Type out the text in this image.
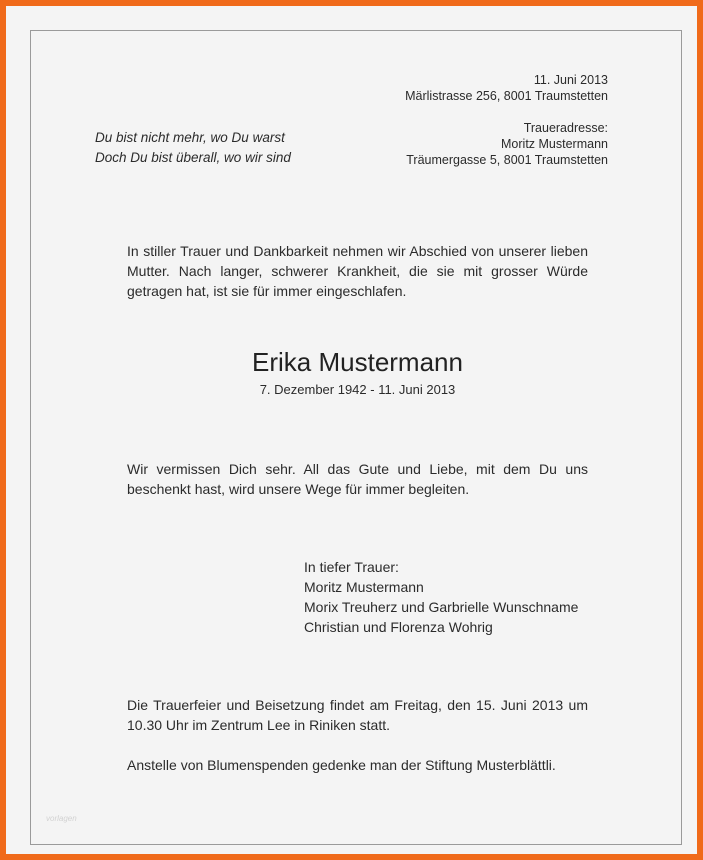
11. Juni 2013
Märlistrasse 256, 8001 Traumstetten
Traueradresse:
Moritz Mustermann
Träumergasse 5, 8001 Traumstetten
Du bist nicht mehr, wo Du warst
Doch Du bist überall, wo wir sind
In stiller Trauer und Dankbarkeit nehmen wir Abschied von unserer lieben Mutter. Nach langer, schwerer Krankheit, die sie mit grosser Würde getragen hat, ist sie für immer eingeschlafen.
Erika Mustermann
7. Dezember 1942 - 11. Juni 2013
Wir vermissen Dich sehr. All das Gute und Liebe, mit dem Du uns beschenkt hast, wird unsere Wege für immer begleiten.
In tiefer Trauer:
Moritz Mustermann
Morix Treuherz und Garbrielle Wunschname
Christian und Florenza Wohrig
Die Trauerfeier und Beisetzung findet am Freitag, den 15. Juni 2013 um 10.30 Uhr im Zentrum Lee in Riniken statt.
Anstelle von Blumenspenden gedenke man der Stiftung Musterblättli.
vorlagen
